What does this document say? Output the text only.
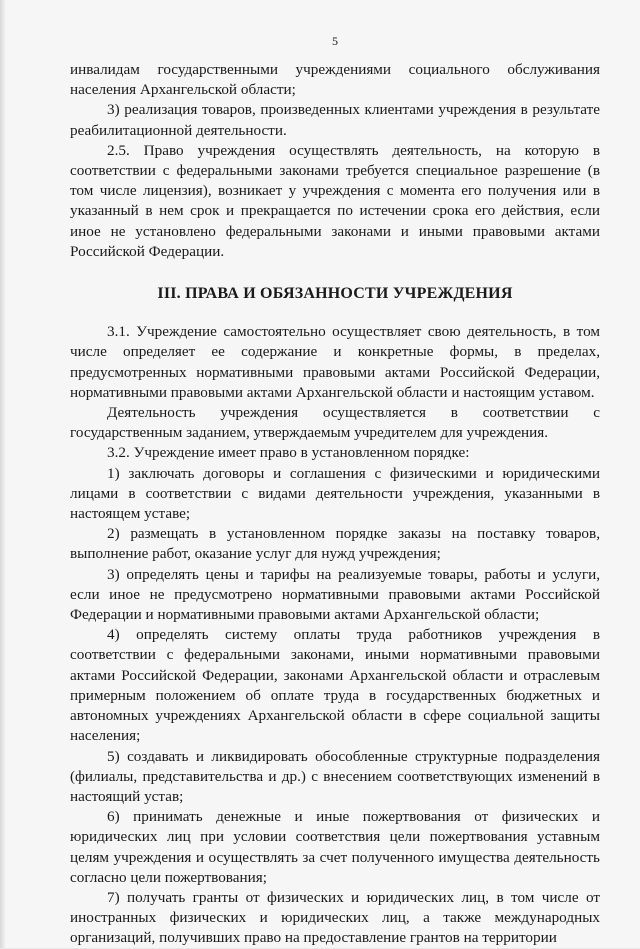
5

инвалидам государственными учреждениями социального обслуживания населения Архангельской области;

3) реализация товаров, произведенных клиентами учреждения в результате реабилитационной деятельности.

2.5. Право учреждения осуществлять деятельность, на которую в соответствии с федеральными законами требуется специальное разрешение (в том числе лицензия), возникает у учреждения с момента его получения или в указанный в нем срок и прекращается по истечении срока его действия, если иное не установлено федеральными законами и иными правовыми актами Российской Федерации.

III. ПРАВА И ОБЯЗАННОСТИ УЧРЕЖДЕНИЯ

3.1. Учреждение самостоятельно осуществляет свою деятельность, в том числе определяет ее содержание и конкретные формы, в пределах, предусмотренных нормативными правовыми актами Российской Федерации, нормативными правовыми актами Архангельской области и настоящим уставом.

Деятельность учреждения осуществляется в соответствии с государственным заданием, утверждаемым учредителем для учреждения.

3.2. Учреждение имеет право в установленном порядке:

1) заключать договоры и соглашения с физическими и юридическими лицами в соответствии с видами деятельности учреждения, указанными в настоящем уставе;

2) размещать в установленном порядке заказы на поставку товаров, выполнение работ, оказание услуг для нужд учреждения;

3) определять цены и тарифы на реализуемые товары, работы и услуги, если иное не предусмотрено нормативными правовыми актами Российской Федерации и нормативными правовыми актами Архангельской области;

4) определять систему оплаты труда работников учреждения в соответствии с федеральными законами, иными нормативными правовыми актами Российской Федерации, законами Архангельской области и отраслевым примерным положением об оплате труда в государственных бюджетных и автономных учреждениях Архангельской области в сфере социальной защиты населения;

5) создавать и ликвидировать обособленные структурные подразделения (филиалы, представительства и др.) с внесением соответствующих изменений в настоящий устав;

6) принимать денежные и иные пожертвования от физических и юридических лиц при условии соответствия цели пожертвования уставным целям учреждения и осуществлять за счет полученного имущества деятельность согласно цели пожертвования;

7) получать гранты от физических и юридических лиц, в том числе от иностранных физических и юридических лиц, а также международных организаций, получивших право на предоставление грантов на территории
